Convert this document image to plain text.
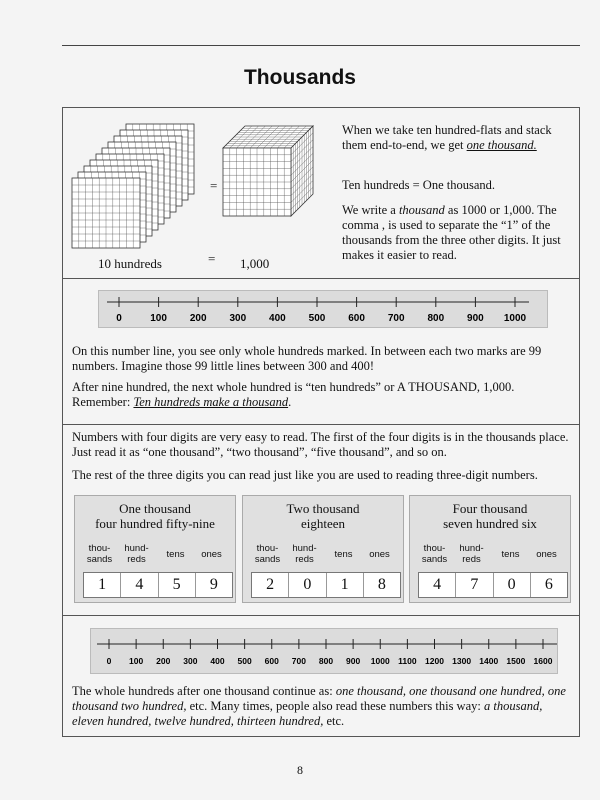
Thousands
=
10 hundreds	= 1,000

When we take ten hundred-flats and stack them end-to-end, we get one thousand.

Ten hundreds = One thousand.

We write a thousand as 1000 or 1,000. The comma , is used to separate the “1” of the thousands from the three other digits. It just makes it easier to read.

0	100 200 300 400 500 600 700 800 900 1000
On this number line, you see only whole hundreds marked. In between each two marks are 99 numbers. Imagine those 99 little lines between 300 and 400!

After nine hundred, the next whole hundred is “ten hundreds” or A THOUSAND, 1,000.

Remember: Ten hundreds make a thousand.

Numbers with four digits are very easy to read. The first of the four digits is in the thousands place. Just read it as “one thousand”, “two thousand”, “five thousand”, and so on.
The rest of the three digits you can read just like you are used to reading three-digit numbers.
One thousand
four hundred fifty-nine
thou-
sands
hund-
reds	tens	ones
1	4	5	9
Two thousand
eighteen
thou-
sands
hund-
reds	tens	ones
2	0	1	8
Four thousand
seven hundred six
thou-
sands
hund-
reds	tens	ones
4	7	0	6
0 100 200 300 400 500 600 700 800 900 1000 1100 1200 1300 1400 1500 1600

The whole hundreds after one thousand continue as: one thousand, one thousand one hundred, one thousand two hundred, etc. Many times, people also read these numbers this way: a thousand, eleven hundred, twelve hundred, thirteen hundred, etc.

8
